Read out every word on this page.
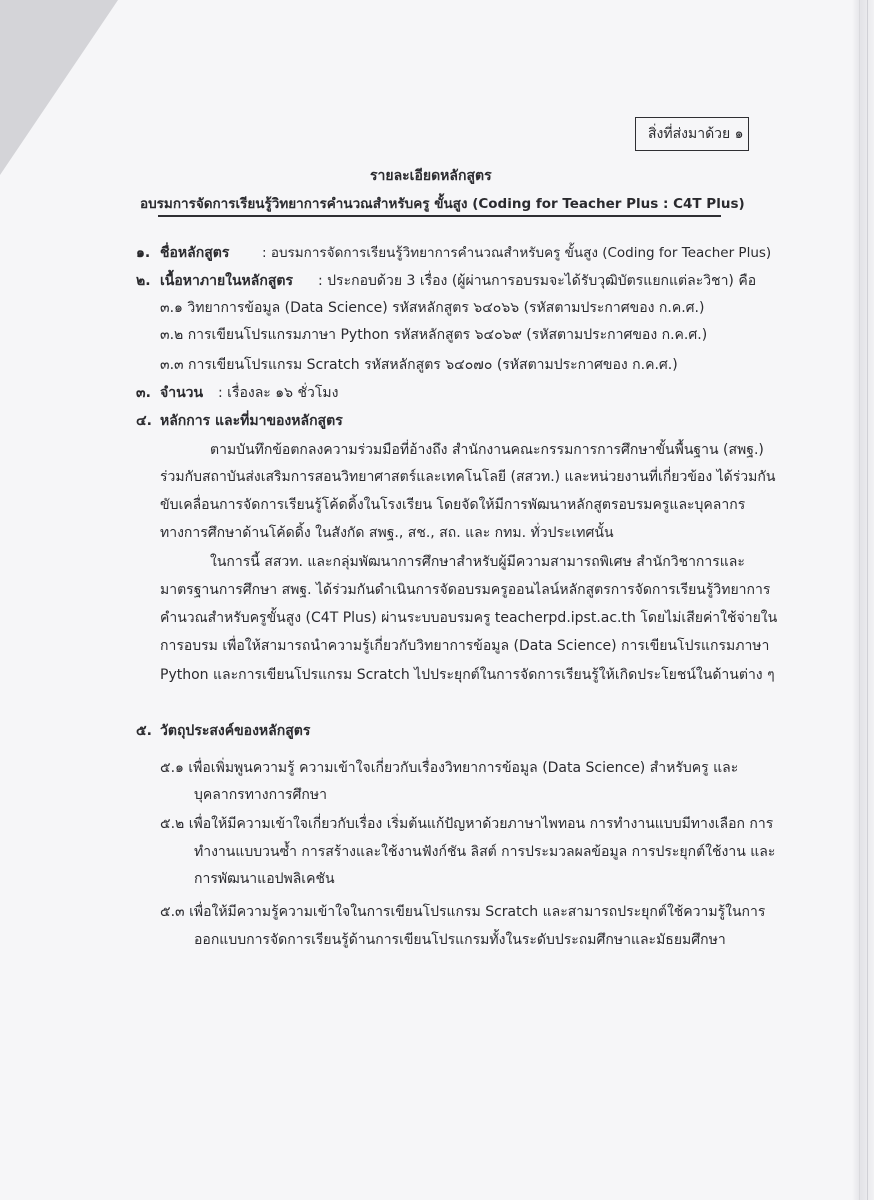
สิ่งที่ส่งมาด้วย ๑
รายละเอียดหลักสูตร
อบรมการจัดการเรียนรู้วิทยาการคำนวณสำหรับครู ขั้นสูง (Coding for Teacher Plus : C4T Plus)
๑. ชื่อหลักสูตร : อบรมการจัดการเรียนรู้วิทยาการคำนวณสำหรับครู ขั้นสูง (Coding for Teacher Plus)
๒. เนื้อหาภายในหลักสูตร : ประกอบด้วย 3 เรื่อง (ผู้ผ่านการอบรมจะได้รับวุฒิบัตรแยกแต่ละวิชา) คือ
๓.๑ วิทยาการข้อมูล (Data Science) รหัสหลักสูตร ๖๔๐๖๖ (รหัสตามประกาศของ ก.ค.ศ.)
๓.๒ การเขียนโปรแกรมภาษา Python รหัสหลักสูตร ๖๔๐๖๙ (รหัสตามประกาศของ ก.ค.ศ.)
๓.๓ การเขียนโปรแกรม Scratch รหัสหลักสูตร ๖๔๐๗๐ (รหัสตามประกาศของ ก.ค.ศ.)
๓. จำนวน : เรื่องละ ๑๖ ชั่วโมง
๔. หลักการ และที่มาของหลักสูตร
ตามบันทึกข้อตกลงความร่วมมือที่อ้างถึง สำนักงานคณะกรรมการการศึกษาขั้นพื้นฐาน (สพฐ.)
ร่วมกับสถาบันส่งเสริมการสอนวิทยาศาสตร์และเทคโนโลยี (สสวท.) และหน่วยงานที่เกี่ยวข้อง ได้ร่วมกัน
ขับเคลื่อนการจัดการเรียนรู้โค้ดดิ้งในโรงเรียน โดยจัดให้มีการพัฒนาหลักสูตรอบรมครูและบุคลากร
ทางการศึกษาด้านโค้ดดิ้ง ในสังกัด สพฐ., สช., สถ. และ กทม. ทั่วประเทศนั้น
ในการนี้ สสวท. และกลุ่มพัฒนาการศึกษาสำหรับผู้มีความสามารถพิเศษ สำนักวิชาการและ
มาตรฐานการศึกษา สพฐ. ได้ร่วมกันดำเนินการจัดอบรมครูออนไลน์หลักสูตรการจัดการเรียนรู้วิทยาการ
คำนวณสำหรับครูขั้นสูง (C4T Plus) ผ่านระบบอบรมครู teacherpd.ipst.ac.th โดยไม่เสียค่าใช้จ่ายใน
การอบรม เพื่อให้สามารถนำความรู้เกี่ยวกับวิทยาการข้อมูล (Data Science) การเขียนโปรแกรมภาษา
Python และการเขียนโปรแกรม Scratch ไปประยุกต์ในการจัดการเรียนรู้ให้เกิดประโยชน์ในด้านต่าง ๆ
๕. วัตถุประสงค์ของหลักสูตร
๕.๑ เพื่อเพิ่มพูนความรู้ ความเข้าใจเกี่ยวกับเรื่องวิทยาการข้อมูล (Data Science) สำหรับครู และ
บุคลากรทางการศึกษา
๕.๒ เพื่อให้มีความเข้าใจเกี่ยวกับเรื่อง เริ่มต้นแก้ปัญหาด้วยภาษาไพทอน การทำงานแบบมีทางเลือก การ
ทำงานแบบวนซ้ำ การสร้างและใช้งานฟังก์ชัน ลิสต์ การประมวลผลข้อมูล การประยุกต์ใช้งาน และ
การพัฒนาแอปพลิเคชัน
๕.๓ เพื่อให้มีความรู้ความเข้าใจในการเขียนโปรแกรม Scratch และสามารถประยุกต์ใช้ความรู้ในการ
ออกแบบการจัดการเรียนรู้ด้านการเขียนโปรแกรมทั้งในระดับประถมศึกษาและมัธยมศึกษา
